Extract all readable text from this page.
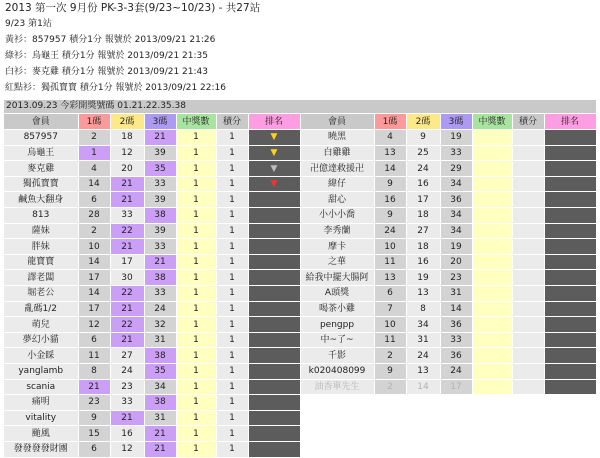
2013 第一次 9月份 PK-3-3套(9/23~10/23) - 共27站
9/23 第1站
黃衫：857957 積分1分 報號於 2013/09/21 21:26
綠衫：烏龜王 積分1分 報號於 2013/09/21 21:35
白衫：麥克雞 積分1分 報號於 2013/09/21 21:43
紅點衫：獨孤寶寶 積分1分 報號於 2013/09/21 22:16
2013.09.23 今彩開獎號碼 01.21.22.35.38
會員	1碼	2碼	3碼	中獎數	積分	排名	會員	1碼	2碼	3碼	中獎數	積分	排名
857957	2	18	21	1	1	▼	曉黑	4	9	19			
烏龜王	1	12	39	1	1	▼	白雞雞	13	25	33			
麥克雞	4	20	35	1	1	▼	卍億達救援卍	14	24	29			
獨孤寶寶	14	21	33	1	1	▼	緯仔	9	16	34			
鹹魚大翻身	6	21	39	1	1		甜心	16	17	36			
813	28	33	38	1	1		小小小喬	9	18	34			
薩妹	2	22	39	1	1		李秀蘭	24	27	34			
胖妹	10	21	33	1	1		摩卡	10	18	19			
龍寶寶	14	17	21	1	1		之華	11	16	20			
譯老闆	17	30	38	1	1		給我中擺大腸阿	13	19	23			
堀老公	14	22	33	1	1		A頭獎	6	13	31			
亂碼1/2	17	21	24	1	1		喝茶小雞	7	8	14			
萌兒	12	22	32	1	1		pengpp	10	34	36			
夢幻小貓	6	21	31	1	1		中~了~	11	31	33			
小金睬	11	27	38	1	1		千影	2	24	36			
yanglamb	8	24	35	1	1		k020408099	9	13	24			
scania	21	23	34	1	1		油香單先生	2	14	17			
痛明	23	33	38	1	1								
vitality	9	21	31	1	1								
颱風	15	16	21	1	1								
發發發發財團	6	12	21	1	1								
